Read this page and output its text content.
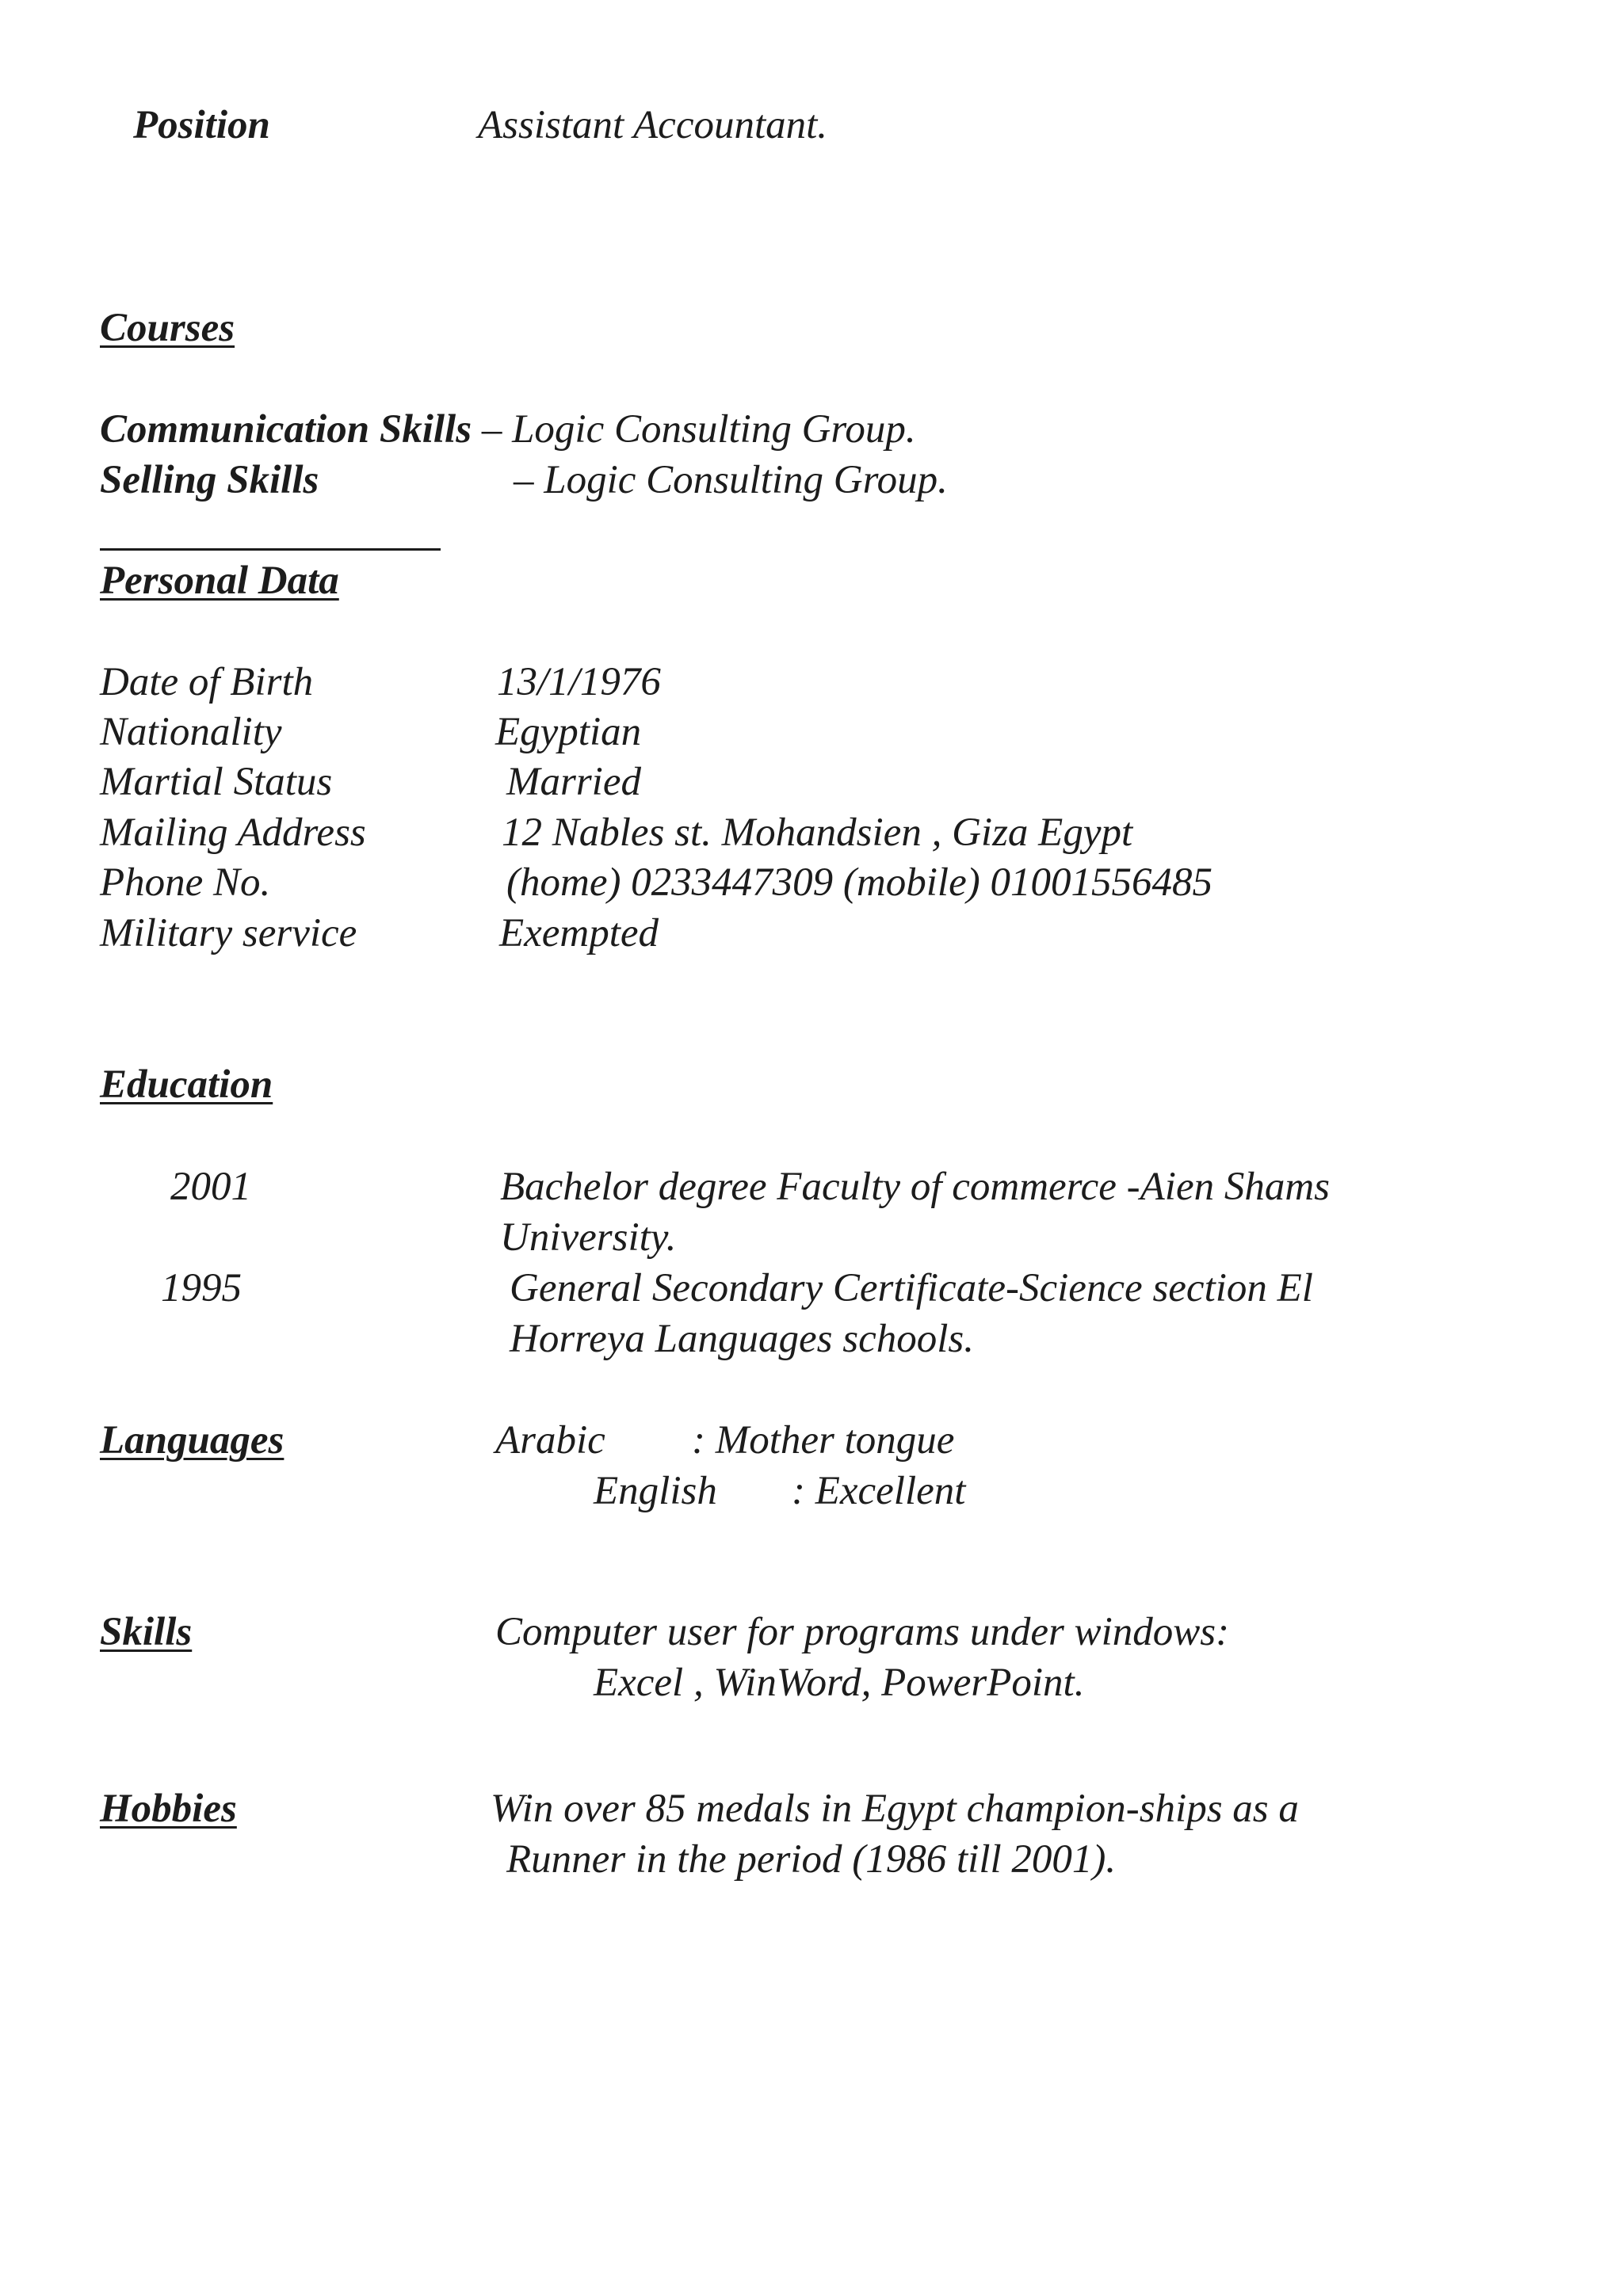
Position	Assistant Accountant.
Courses
Communication Skills – Logic Consulting Group.
Selling Skills	– Logic Consulting Group.
Personal Data
Date of Birth	13/1/1976
Nationality	Egyptian
Martial Status	Married
Mailing Address	12 Nables st. Mohandsien , Giza Egypt
Phone No.	(home) 0233447309 (mobile) 01001556485
Military service	Exempted
Education
2001	Bachelor degree Faculty of commerce -Aien Shams
University.
1995	General Secondary Certificate-Science section El
Horreya Languages schools.
Languages	Arabic : Mother tongue
English : Excellent
Skills	Computer user for programs under windows:
Excel , WinWord, PowerPoint.
Hobbies	Win over 85 medals in Egypt champion-ships as a
Runner in the period (1986 till 2001).
